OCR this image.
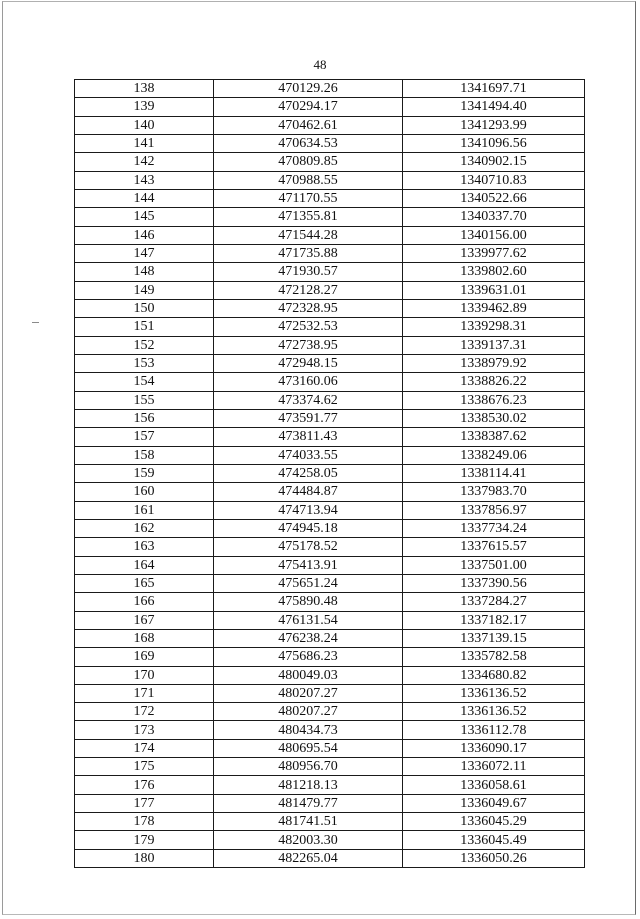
48
138	470129.26	1341697.71
139	470294.17	1341494.40
140	470462.61	1341293.99
141	470634.53	1341096.56
142	470809.85	1340902.15
143	470988.55	1340710.83
144	471170.55	1340522.66
145	471355.81	1340337.70
146	471544.28	1340156.00
147	471735.88	1339977.62
148	471930.57	1339802.60
149	472128.27	1339631.01
150	472328.95	1339462.89
151	472532.53	1339298.31
152	472738.95	1339137.31
153	472948.15	1338979.92
154	473160.06	1338826.22
155	473374.62	1338676.23
156	473591.77	1338530.02
157	473811.43	1338387.62
158	474033.55	1338249.06
159	474258.05	1338114.41
160	474484.87	1337983.70
161	474713.94	1337856.97
162	474945.18	1337734.24
163	475178.52	1337615.57
164	475413.91	1337501.00
165	475651.24	1337390.56
166	475890.48	1337284.27
167	476131.54	1337182.17
168	476238.24	1337139.15
169	475686.23	1335782.58
170	480049.03	1334680.82
171	480207.27	1336136.52
172	480207.27	1336136.52
173	480434.73	1336112.78
174	480695.54	1336090.17
175	480956.70	1336072.11
176	481218.13	1336058.61
177	481479.77	1336049.67
178	481741.51	1336045.29
179	482003.30	1336045.49
180	482265.04	1336050.26
